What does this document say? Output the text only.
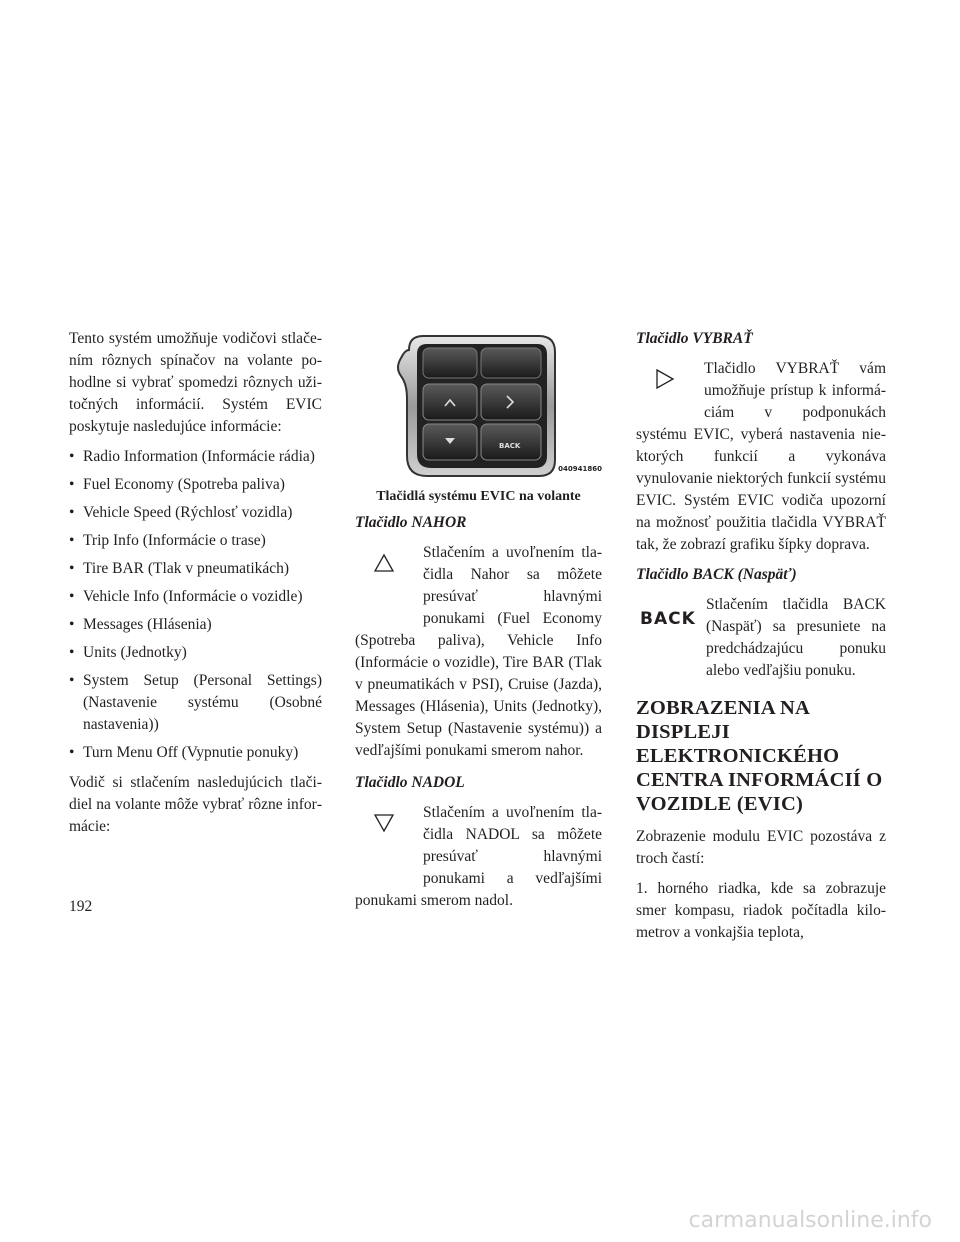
Tento systém umožňuje vodičovi stlačením rôznych spínačov na volante pohodlne si vybrať spomedzi rôznych užitočných informácií. Systém EVIC poskytuje nasledujúce informácie:

• Radio Information (Informácie rádia)
• Fuel Economy (Spotreba paliva)
• Vehicle Speed (Rýchlosť vozidla)
• Trip Info (Informácie o trase)
• Tire BAR (Tlak v pneumatikách)
• Vehicle Info (Informácie o vozidle)
• Messages (Hlásenia)
• Units (Jednotky)
• System Setup (Personal Settings) (Nastavenie systému (Osobné nastavenia))
• Turn Menu Off (Vypnutie ponuky)

Vodič si stlačením nasledujúcich tlačidiel na volante môže vybrať rôzne informácie:

BACK
040941860

Tlačidlá systému EVIC na volante

Tlačidlo NAHOR

Stlačením a uvoľnením tlačidla Nahor sa môžete presúvať hlavnými ponukami (Fuel Economy (Spotreba paliva), Vehicle Info (Informácie o vozidle), Tire BAR (Tlak v pneumatikách v PSI), Cruise (Jazda), Messages (Hlásenia), Units (Jednotky), System Setup (Nastavenie systému)) a vedľajšími ponukami smerom nahor.

Tlačidlo NADOL

Stlačením a uvoľnením tlačidla NADOL sa môžete presúvať hlavnými ponukami a vedľajšími ponukami smerom nadol.

Tlačidlo VYBRAŤ

Tlačidlo VYBRAŤ vám umožňuje prístup k informáciám v podponukách systému EVIC, vyberá nastavenia niektorých funkcií a vykonáva vynulovanie niektorých funkcií systému EVIC. Systém EVIC vodiča upozorní na možnosť použitia tlačidla VYBRAŤ tak, že zobrazí grafiku šípky doprava.

Tlačidlo BACK (Naspäť)

BACK

Stlačením tlačidla BACK (Naspäť) sa presuniete na predchádzajúcu ponuku alebo vedľajšiu ponuku.

ZOBRAZENIA NA DISPLEJI ELEKTRONICKÉHO CENTRA INFORMÁCIÍ O VOZIDLE (EVIC)

Zobrazenie modulu EVIC pozostáva z troch častí:

1. horného riadka, kde sa zobrazuje smer kompasu, riadok počítadla kilometrov a vonkajšia teplota,

192
carmanualsonline.info
